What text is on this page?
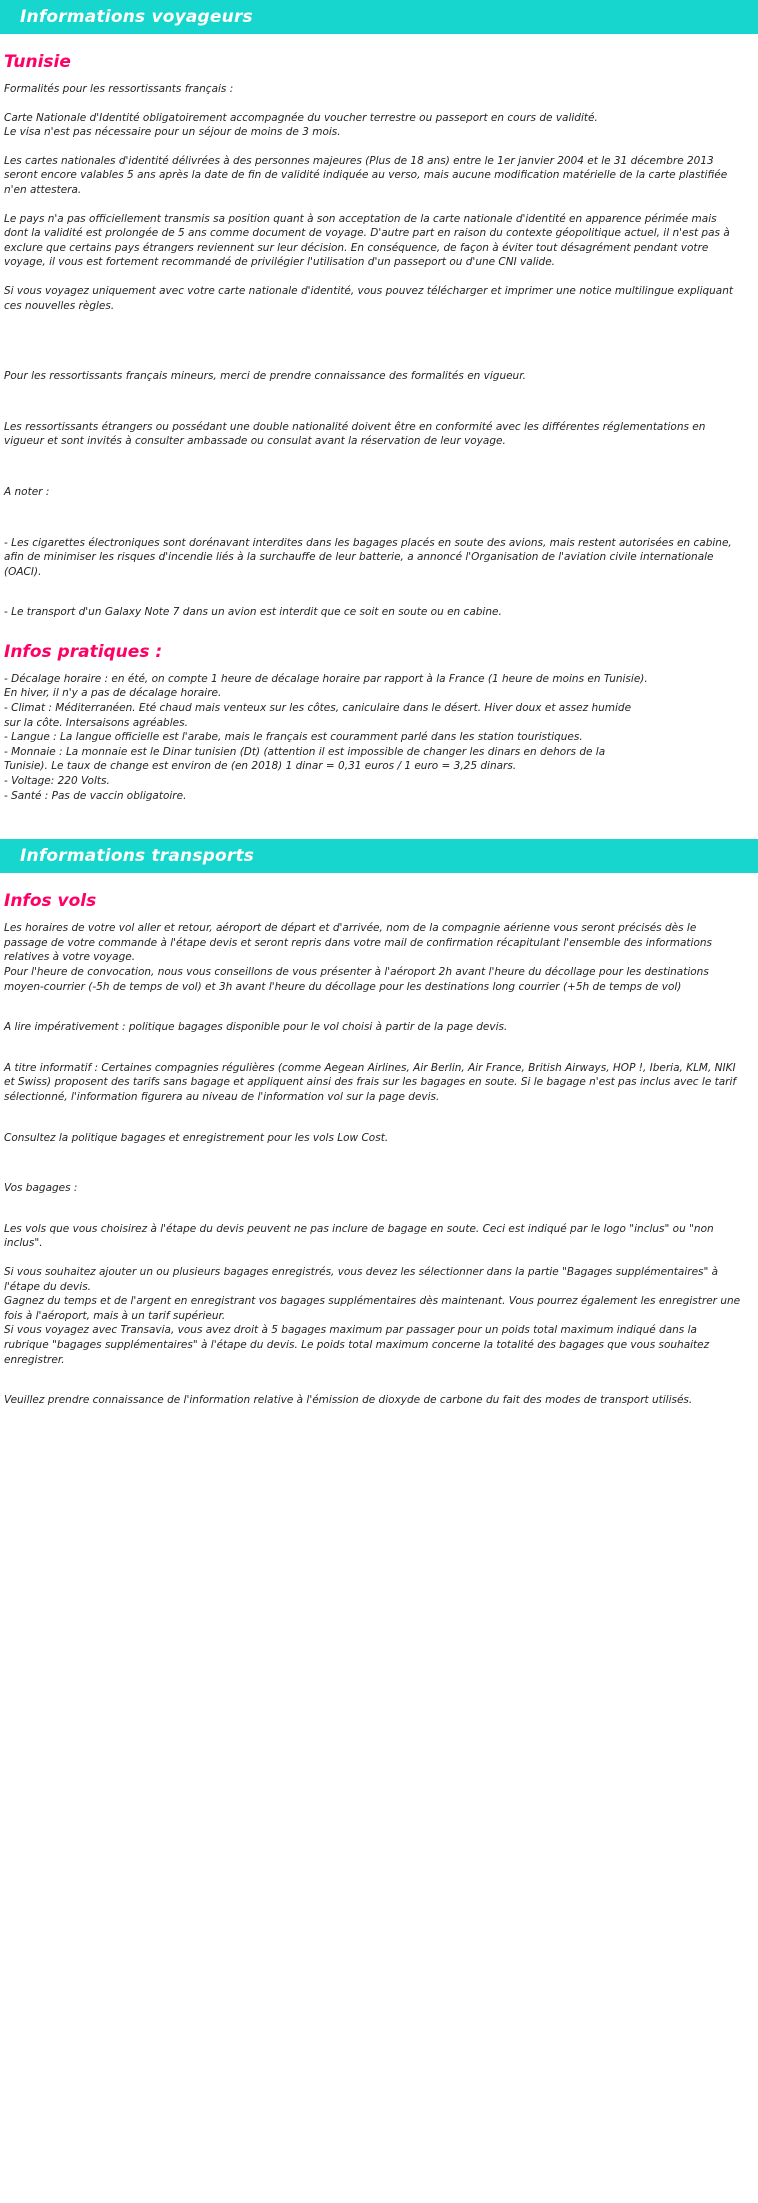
Informations voyageurs
Tunisie

Formalités pour les ressortissants français :

Carte Nationale d'Identité obligatoirement accompagnée du voucher terrestre ou passeport en cours de validité.
Le visa n'est pas nécessaire pour un séjour de moins de 3 mois.

Les cartes nationales d'identité délivrées à des personnes majeures (Plus de 18 ans) entre le 1er janvier 2004 et le 31 décembre 2013 seront encore valables 5 ans après la date de fin de validité indiquée au verso, mais aucune modification matérielle de la carte plastifiée n'en attestera.

Le pays n'a pas officiellement transmis sa position quant à son acceptation de la carte nationale d'identité en apparence périmée mais dont la validité est prolongée de 5 ans comme document de voyage. D'autre part en raison du contexte géopolitique actuel, il n'est pas à exclure que certains pays étrangers reviennent sur leur décision. En conséquence, de façon à éviter tout désagrément pendant votre voyage, il vous est fortement recommandé de privilégier l'utilisation d'un passeport ou d'une CNI valide.

Si vous voyagez uniquement avec votre carte nationale d'identité, vous pouvez télécharger et imprimer une notice multilingue expliquant ces nouvelles règles.

Pour les ressortissants français mineurs, merci de prendre connaissance des formalités en vigueur.

Les ressortissants étrangers ou possédant une double nationalité doivent être en conformité avec les différentes réglementations en vigueur et sont invités à consulter ambassade ou consulat avant la réservation de leur voyage.

A noter :

- Les cigarettes électroniques sont dorénavant interdites dans les bagages placés en soute des avions, mais restent autorisées en cabine, afin de minimiser les risques d'incendie liés à la surchauffe de leur batterie, a annoncé l'Organisation de l'aviation civile internationale (OACI).

- Le transport d'un Galaxy Note 7 dans un avion est interdit que ce soit en soute ou en cabine.

Infos pratiques :
- Décalage horaire : en été, on compte 1 heure de décalage horaire par rapport à la France (1 heure de moins en Tunisie).
En hiver, il n'y a pas de décalage horaire.
- Climat : Méditerranéen. Eté chaud mais venteux sur les côtes, caniculaire dans le désert. Hiver doux et assez humide
sur la côte. Intersaisons agréables.
- Langue : La langue officielle est l'arabe, mais le français est couramment parlé dans les station touristiques.
- Monnaie : La monnaie est le Dinar tunisien (Dt) (attention il est impossible de changer les dinars en dehors de la
Tunisie). Le taux de change est environ de (en 2018) 1 dinar = 0,31 euros / 1 euro = 3,25 dinars.
- Voltage: 220 Volts.
- Santé : Pas de vaccin obligatoire.
Informations transports
Infos vols

Les horaires de votre vol aller et retour, aéroport de départ et d'arrivée, nom de la compagnie aérienne vous seront précisés dès le passage de votre commande à l'étape devis et seront repris dans votre mail de confirmation récapitulant l'ensemble des informations relatives à votre voyage.

Pour l'heure de convocation, nous vous conseillons de vous présenter à l'aéroport 2h avant l'heure du décollage pour les destinations moyen-courrier (-5h de temps de vol) et 3h avant l'heure du décollage pour les destinations long courrier (+5h de temps de vol)

A lire impérativement : politique bagages disponible pour le vol choisi à partir de la page devis.

A titre informatif : Certaines compagnies régulières (comme Aegean Airlines, Air Berlin, Air France, British Airways, HOP !, Iberia, KLM, NIKI et Swiss) proposent des tarifs sans bagage et appliquent ainsi des frais sur les bagages en soute. Si le bagage n'est pas inclus avec le tarif sélectionné, l'information figurera au niveau de l'information vol sur la page devis.

Consultez la politique bagages et enregistrement pour les vols Low Cost.

Vos bagages :

Les vols que vous choisirez à l'étape du devis peuvent ne pas inclure de bagage en soute. Ceci est indiqué par le logo "inclus" ou "non inclus".

Si vous souhaitez ajouter un ou plusieurs bagages enregistrés, vous devez les sélectionner dans la partie "Bagages supplémentaires" à l'étape du devis.

Gagnez du temps et de l'argent en enregistrant vos bagages supplémentaires dès maintenant. Vous pourrez également les enregistrer une fois à l'aéroport, mais à un tarif supérieur.

Si vous voyagez avec Transavia, vous avez droit à 5 bagages maximum par passager pour un poids total maximum indiqué dans la rubrique "bagages supplémentaires" à l'étape du devis. Le poids total maximum concerne la totalité des bagages que vous souhaitez enregistrer.

Veuillez prendre connaissance de l'information relative à l'émission de dioxyde de carbone du fait des modes de transport utilisés.
